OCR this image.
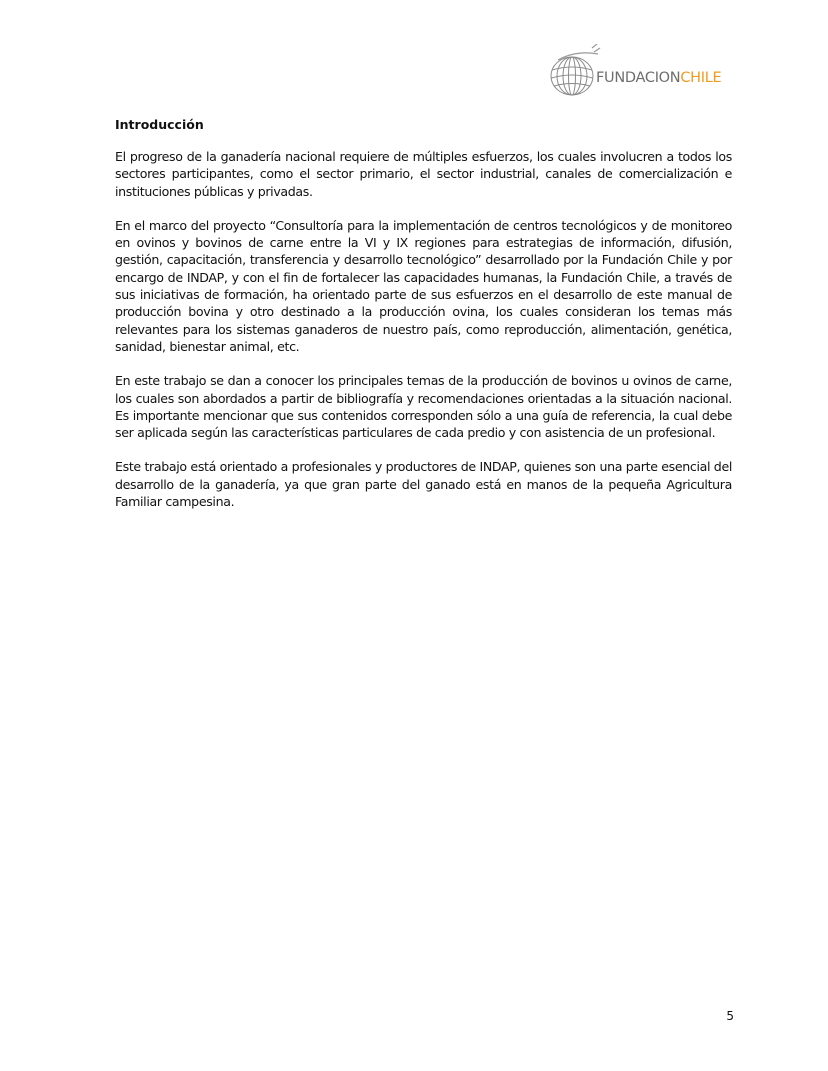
FUNDACIONCHILE
Introducción

El progreso de la ganadería nacional requiere de múltiples esfuerzos, los cuales involucren a todos los sectores participantes, como el sector primario, el sector industrial, canales de comercialización e instituciones públicas y privadas.

En el marco del proyecto “Consultoría para la implementación de centros tecnológicos y de monitoreo en ovinos y bovinos de carne entre la VI y IX regiones para estrategias de información, difusión, gestión, capacitación, transferencia y desarrollo tecnológico” desarrollado por la Fundación Chile y por encargo de INDAP, y con el fin de fortalecer las capacidades humanas, la Fundación Chile, a través de sus iniciativas de formación, ha orientado parte de sus esfuerzos en el desarrollo de este manual de producción bovina y otro destinado a la producción ovina, los cuales consideran los temas más relevantes para los sistemas ganaderos de nuestro país, como reproducción, alimentación, genética, sanidad, bienestar animal, etc.

En este trabajo se dan a conocer los principales temas de la producción de bovinos u ovinos de carne, los cuales son abordados a partir de bibliografía y recomendaciones orientadas a la situación nacional. Es importante mencionar que sus contenidos corresponden sólo a una guía de referencia, la cual debe ser aplicada según las características particulares de cada predio y con asistencia de un profesional.

Este trabajo está orientado a profesionales y productores de INDAP, quienes son una parte esencial del desarrollo de la ganadería, ya que gran parte del ganado está en manos de la pequeña Agricultura Familiar campesina.

5
